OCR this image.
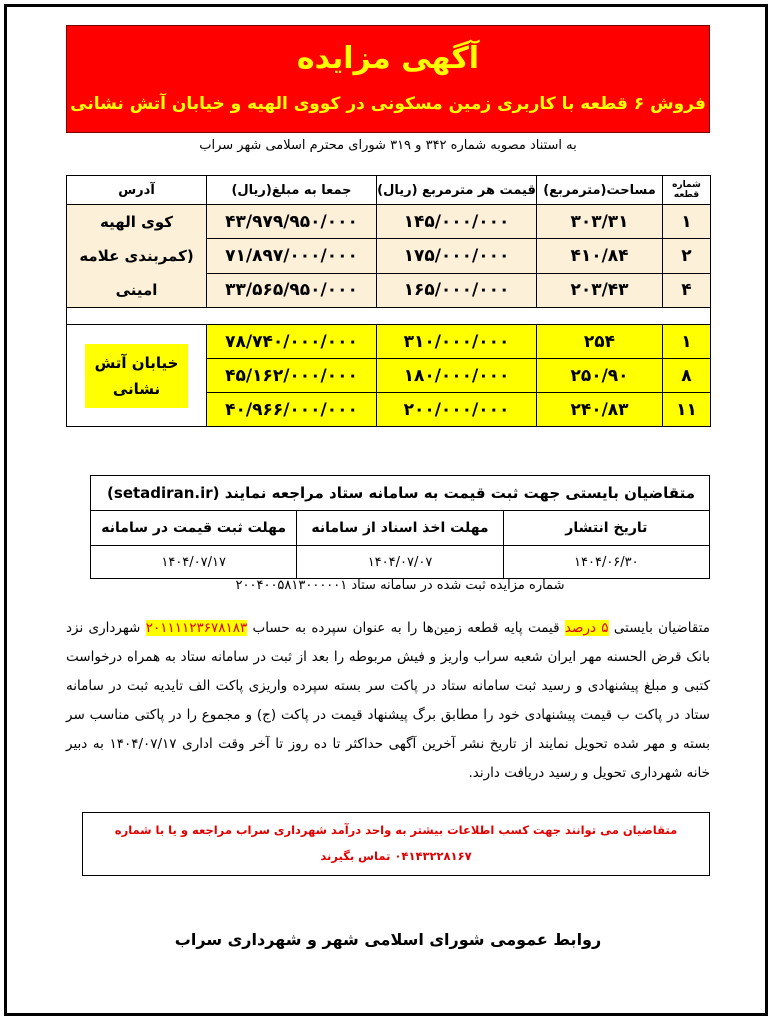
آگهی مزایده
فروش ۶ قطعه با کاربری زمین مسکونی در کووی الهیه و خیابان آتش نشانی
به استناد مصوبه شماره ۳۴۲ و ۳۱۹ شورای محترم اسلامی شهر سراب
شماره قطعه	مساحت(مترمربع)	قیمت هر مترمربع (ریال)	جمعا به مبلغ(ریال)	آدرس
۱	۳۰۳/۳۱	۱۴۵/۰۰۰/۰۰۰	۴۳/۹۷۹/۹۵۰/۰۰۰	کوی الهیه
(کمربندی علامه
امینی

۲	۴۱۰/۸۴	۱۷۵/۰۰۰/۰۰۰	۷۱/۸۹۷/۰۰۰/۰۰۰	
۴	۲۰۳/۴۳	۱۶۵/۰۰۰/۰۰۰	۳۳/۵۶۵/۹۵۰/۰۰۰	

۱	۲۵۴	۳۱۰/۰۰۰/۰۰۰	۷۸/۷۴۰/۰۰۰/۰۰۰	خیابان آتش
نشانی

۸	۲۵۰/۹۰	۱۸۰/۰۰۰/۰۰۰	۴۵/۱۶۲/۰۰۰/۰۰۰	
۱۱	۲۴۰/۸۳	۲۰۰/۰۰۰/۰۰۰	۴۰/۹۶۶/۰۰۰/۰۰۰	
متقاضیان بایستی جهت ثبت قیمت به سامانه ستاد مراجعه نمایند (setadiran.ir)		
تاریخ انتشار	مهلت اخذ اسناد از سامانه	مهلت ثبت قیمت در سامانه
۱۴۰۴/۰۶/۳۰	۱۴۰۴/۰۷/۰۷	۱۴۰۴/۰۷/۱۷
شماره مزایده ثبت شده در سامانه ستاد ۲۰۰۴۰۰۵۸۱۳۰۰۰۰۰۱
متقاضیان بایستی ۵ درصد قیمت پایه قطعه زمین‌ها را به عنوان سپرده به حساب ۲۰۱۱۱۱۲۳۶۷۸۱۸۳ شهرداری نزد بانک قرض الحسنه مهر ایران شعبه سراب واریز و فیش مربوطه را بعد از ثبت در سامانه ستاد به همراه درخواست کتبی و مبلغ پیشنهادی و رسید ثبت سامانه ستاد در پاکت سر بسته سپرده واریزی پاکت الف تایدیه ثبت در سامانه ستاد در پاکت ب قیمت پیشنهادی خود را مطابق برگ پیشنهاد قیمت در پاکت (ج) و مجموع را در پاکتی مناسب سر بسته و مهر شده تحویل نمایند از تاریخ نشر آخرین آگهی حداکثر تا ده روز تا آخر وقت اداری ۱۴۰۴/۰۷/۱۷ به دبیر خانه شهرداری تحویل و رسید دریافت دارند.
متقاضیان می توانند جهت کسب اطلاعات بیشتر به واحد درآمد شهرداری سراب مراجعه و یا با شماره ۰۴۱۴۳۲۲۸۱۶۷ تماس بگیرند
روابط عمومی شورای اسلامی شهر و شهرداری سراب
